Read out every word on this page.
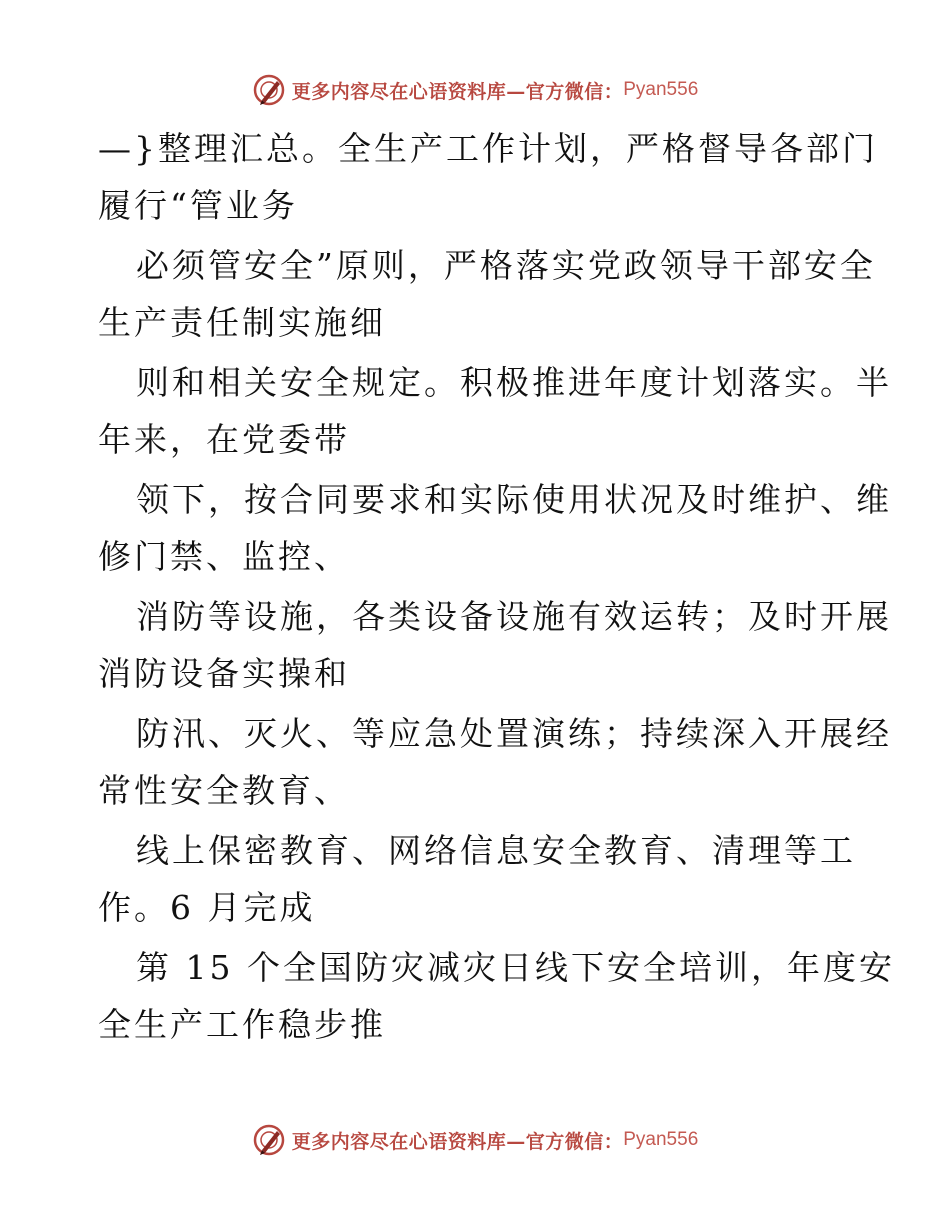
更多内容尽在心语资料库—官方微信： Pyan556
—}整理汇总。全生产工作计划，严格督导各部门
履行“管业务
必须管安全”原则，严格落实党政领导干部安全
生产责任制实施细
则和相关安全规定。积极推进年度计划落实。半
年来，在党委带
领下，按合同要求和实际使用状况及时维护、维
修门禁、监控、
消防等设施，各类设备设施有效运转；及时开展
消防设备实操和
防汛、灭火、等应急处置演练；持续深入开展经
常性安全教育、
线上保密教育、网络信息安全教育、清理等工
作。6 月完成
第 15 个全国防灾减灾日线下安全培训，年度安
全生产工作稳步推
更多内容尽在心语资料库—官方微信： Pyan556
